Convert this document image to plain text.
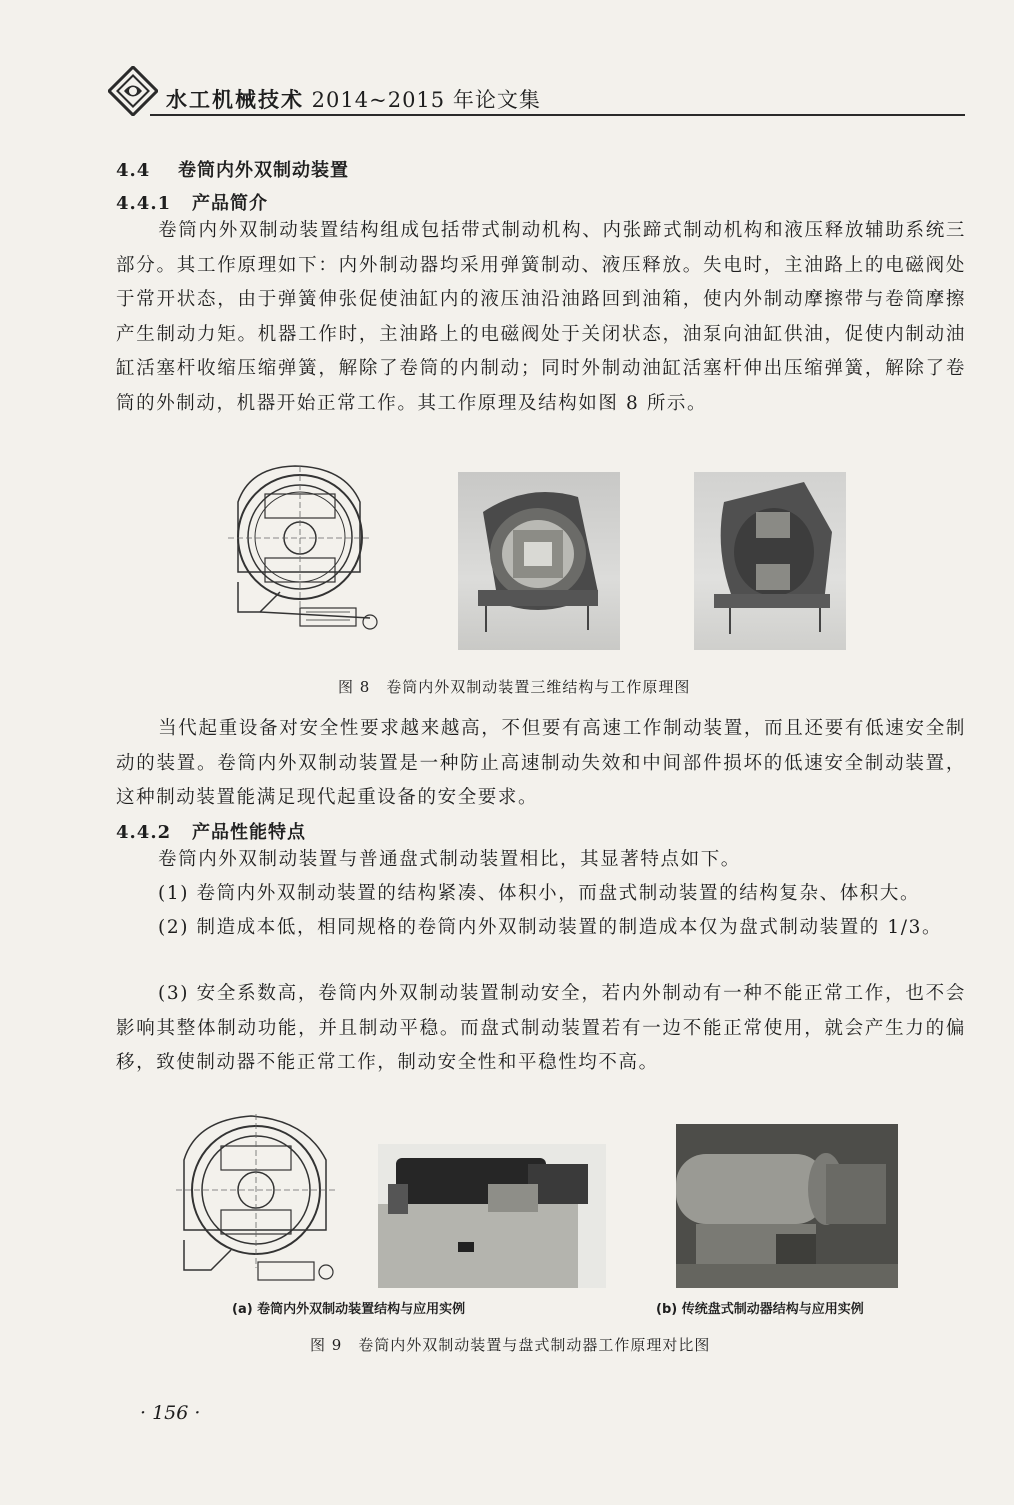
水工机械技术 2014~2015 年论文集
4.4 卷筒内外双制动装置
4.4.1 产品简介

卷筒内外双制动装置结构组成包括带式制动机构、内张蹄式制动机构和液压释放辅助系统三部分。其工作原理如下：内外制动器均采用弹簧制动、液压释放。失电时，主油路上的电磁阀处于常开状态，由于弹簧伸张促使油缸内的液压油沿油路回到油箱，使内外制动摩擦带与卷筒摩擦产生制动力矩。机器工作时，主油路上的电磁阀处于关闭状态，油泵向油缸供油，促使内制动油缸活塞杆收缩压缩弹簧，解除了卷筒的内制动；同时外制动油缸活塞杆伸出压缩弹簧，解除了卷筒的外制动，机器开始正常工作。其工作原理及结构如图 8 所示。

图 8　卷筒内外双制动装置三维结构与工作原理图

当代起重设备对安全性要求越来越高，不但要有高速工作制动装置，而且还要有低速安全制动的装置。卷筒内外双制动装置是一种防止高速制动失效和中间部件损坏的低速安全制动装置，这种制动装置能满足现代起重设备的安全要求。

4.4.2 产品性能特点

卷筒内外双制动装置与普通盘式制动装置相比，其显著特点如下。

(1) 卷筒内外双制动装置的结构紧凑、体积小，而盘式制动装置的结构复杂、体积大。

(2) 制造成本低，相同规格的卷筒内外双制动装置的制造成本仅为盘式制动装置的 1/3。

(3) 安全系数高，卷筒内外双制动装置制动安全，若内外制动有一种不能正常工作，也不会影响其整体制动功能，并且制动平稳。而盘式制动装置若有一边不能正常使用，就会产生力的偏移，致使制动器不能正常工作，制动安全性和平稳性均不高。

(a) 卷筒内外双制动装置结构与应用实例	(b) 传统盘式制动器结构与应用实例
图 9　卷筒内外双制动装置与盘式制动器工作原理对比图
· 156 ·
